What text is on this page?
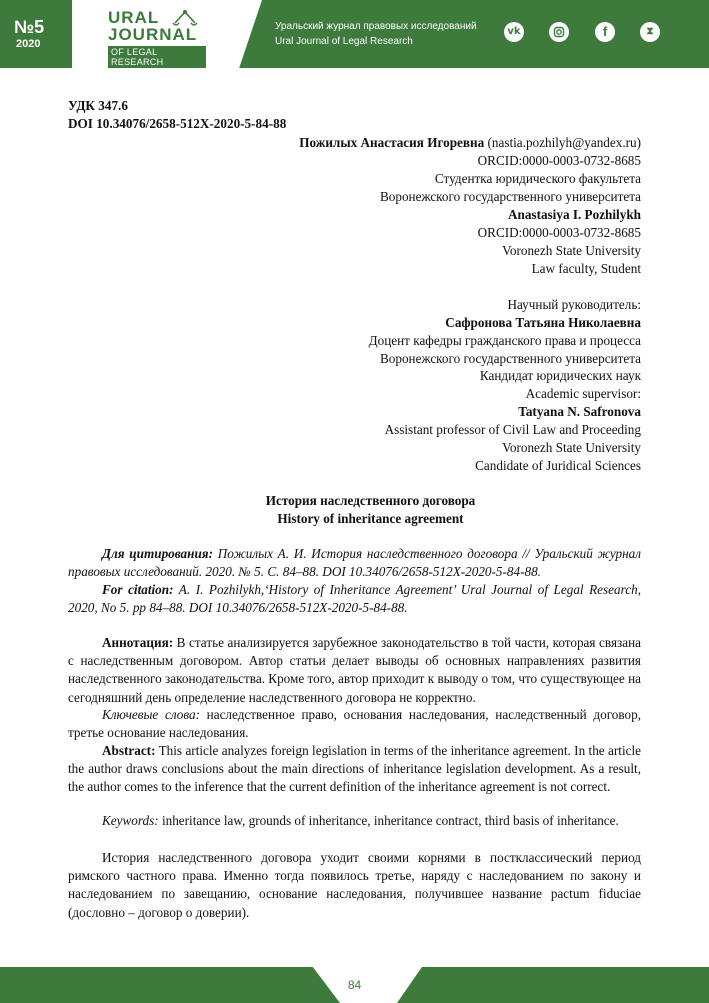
№5
2020
URAL
JOURNAL
OF LEGAL RESEARCH
Уральский журнал правовых исследований
Ural Journal of Legal Research
vk	f	⧗
УДК 347.6
DOI 10.34076/2658-512X-2020-5-84-88
Пожилых Анастасия Игоревна (nastia.pozhilyh@yandex.ru)
ORCID:0000-0003-0732-8685
Студентка юридического факультета
Воронежского государственного университета
Anastasiya I. Pozhilykh
ORCID:0000-0003-0732-8685
Voronezh State University
Law faculty, Student
Научный руководитель:
Сафронова Татьяна Николаевна
Доцент кафедры гражданского права и процесса
Воронежского государственного университета
Кандидат юридических наук
Academic supervisor:
Tatyana N. Safronova
Assistant professor of Civil Law and Proceeding
Voronezh State University
Candidate of Juridical Sciences
История наследственного договора
History of inheritance agreement
Для цитирования: Пожилых А. И. История наследственного договора // Уральский журнал правовых исследований. 2020. № 5. С. 84–88. DOI 10.34076/2658-512X-2020-5-84-88.
For citation: A. I. Pozhilykh,‘History of Inheritance Agreement’ Ural Journal of Legal Research, 2020, No 5. pp 84–88. DOI 10.34076/2658-512X-2020-5-84-88.
Аннотация: В статье анализируется зарубежное законодательство в той части, которая связана с наследственным договором. Автор статьи делает выводы об основных направлениях развития наследственного законодательства. Кроме того, автор приходит к выводу о том, что существующее на сегодняшний день определение наследственного договора не корректно.
Ключевые слова: наследственное право, основания наследования, наследственный договор, третье основание наследования.
Abstract: This article analyzes foreign legislation in terms of the inheritance agreement. In the article the author draws conclusions about the main directions of inheritance legislation development. As a result, the author comes to the inference that the current definition of the inheritance agreement is not correct.
Keywords: inheritance law, grounds of inheritance, inheritance contract, third basis of inheritance.
История наследственного договора уходит своими корнями в постклассический период римского частного права. Именно тогда появилось третье, наряду с наследованием по закону и наследованием по завещанию, основание наследования, получившее название pactum fiduciae (дословно – договор о доверии).
84
